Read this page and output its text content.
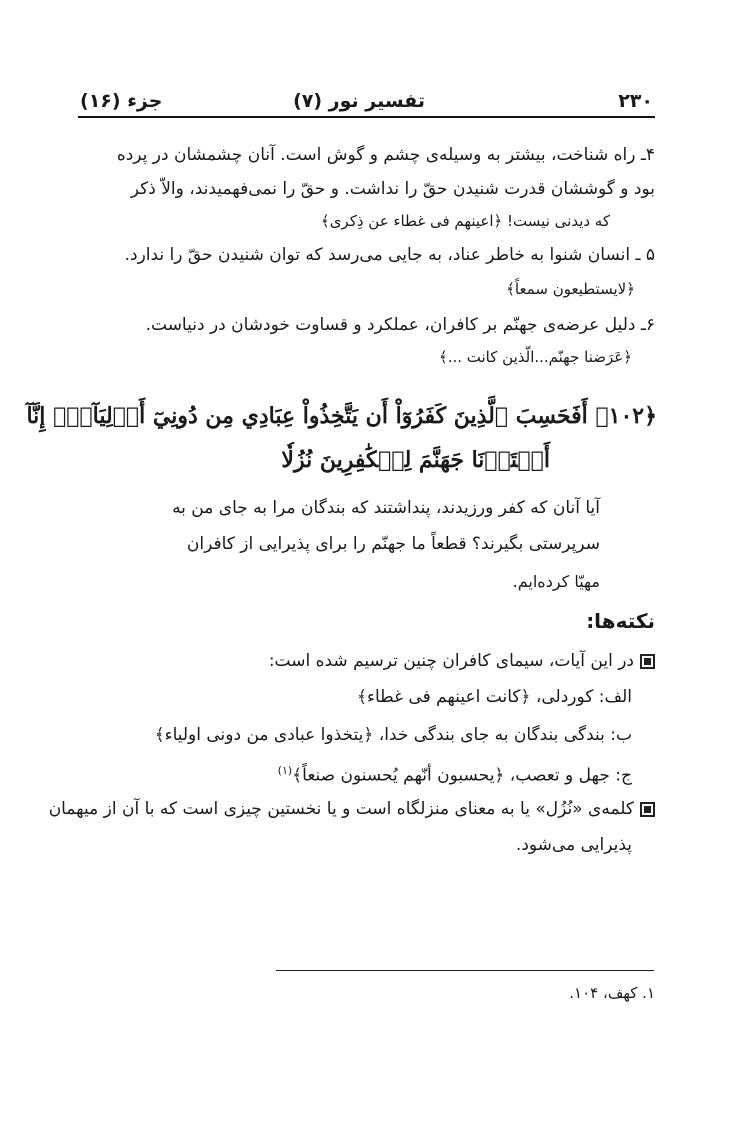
۲۳۰
تفسیر نور (۷)
جزء (۱۶)
۴ـ راه شناخت، بیشتر به وسیله‌ی چشم و گوش است. آنان چشمشان در پرده
بود و گوششان قدرت شنیدن حقّ را نداشت. و حقّ را نمی‌فهمیدند، والاّ ذکر
که دیدنی نیست! ﴿اعینهم فی غطاء عن ذِکری﴾
۵ ـ انسان شنوا به خاطر عناد، به جایی می‌رسد که توان شنیدن حقّ را ندارد.
﴿لایستطیعون سمعاً﴾
۶ـ دلیل عرضه‌ی جهنّم بر کافران، عملکرد و قساوت خودشان در دنیاست.
﴿عَرَضنا جهنّم...الّذین کانت ...﴾
﴿۱۰۲﴾ أَفَحَسِبَ ٱلَّذِينَ كَفَرُوٓاْ أَن يَتَّخِذُواْ عِبَادِي مِن دُونِيٓ أَوۡلِيَآءَۚ إِنَّآ
أَعۡتَدۡنَا جَهَنَّمَ لِلۡكَٰفِرِينَ نُزُلٗا
آیا آنان که کفر ورزیدند، پنداشتند که بندگان مرا به جای من به
سرپرستی بگیرند؟ قطعاً ما جهنّم را برای پذیرایی از کافران
مهیّا کرده‌ایم.
نکته‌ها:
در این آیات، سیمای کافران چنین ترسیم شده است:
الف: کوردلی، ﴿کانت اعینهم فی غطاء﴾
ب: بندگی بندگان به جای بندگی خدا، ﴿یتخذوا عبادی من دونی اولیاء﴾
ج: جهل و تعصب، ﴿یحسبون أنّهم یُحسنون صنعاً﴾$^{(۱)}$
کلمه‌ی «نُزُل» یا به معنای منزلگاه است و یا نخستین چیزی است که با آن از میهمان
پذیرایی می‌شود.
۱. کهف، ۱۰۴.
